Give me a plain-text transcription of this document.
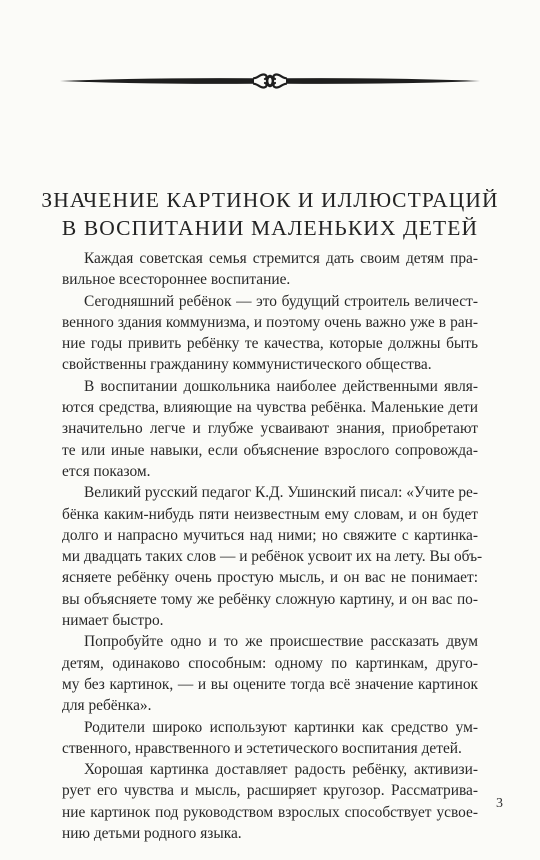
ЗНАЧЕНИЕ КАРТИНОК И ИЛЛЮСТРАЦИЙ
В ВОСПИТАНИИ МАЛЕНЬКИХ ДЕТЕЙ

Каждая советская семья стремится дать своим детям пра-
вильное всестороннее воспитание.

Сегодняшний ребёнок — это будущий строитель величест-
венного здания коммунизма, и поэтому очень важно уже в ран-
ние годы привить ребёнку те качества, которые должны быть
свойственны гражданину коммунистического общества.

В воспитании дошкольника наиболее действенными явля-
ются средства, влияющие на чувства ребёнка. Маленькие дети
значительно легче и глубже усваивают знания, приобретают
те или иные навыки, если объяснение взрослого сопровожда-
ется показом.

Великий русский педагог К.Д. Ушинский писал: «Учите ре-
бёнка каким-нибудь пяти неизвестным ему словам, и он будет
долго и напрасно мучиться над ними; но свяжите с картинка-
ми двадцать таких слов — и ребёнок усвоит их на лету. Вы объ-
ясняете ребёнку очень простую мысль, и он вас не понимает:
вы объясняете тому же ребёнку сложную картину, и он вас по-
нимает быстро.

Попробуйте одно и то же происшествие рассказать двум
детям, одинаково способным: одному по картинкам, друго-
му без картинок, — и вы оцените тогда всё значение картинок
для ребёнка».

Родители широко используют картинки как средство ум-
ственного, нравственного и эстетического воспитания детей.

Хорошая картинка доставляет радость ребёнку, активизи-
рует его чувства и мысль, расширяет кругозор. Рассматрива-
ние картинок под руководством взрослых способствует усвое-
нию детьми родного языка.

3
